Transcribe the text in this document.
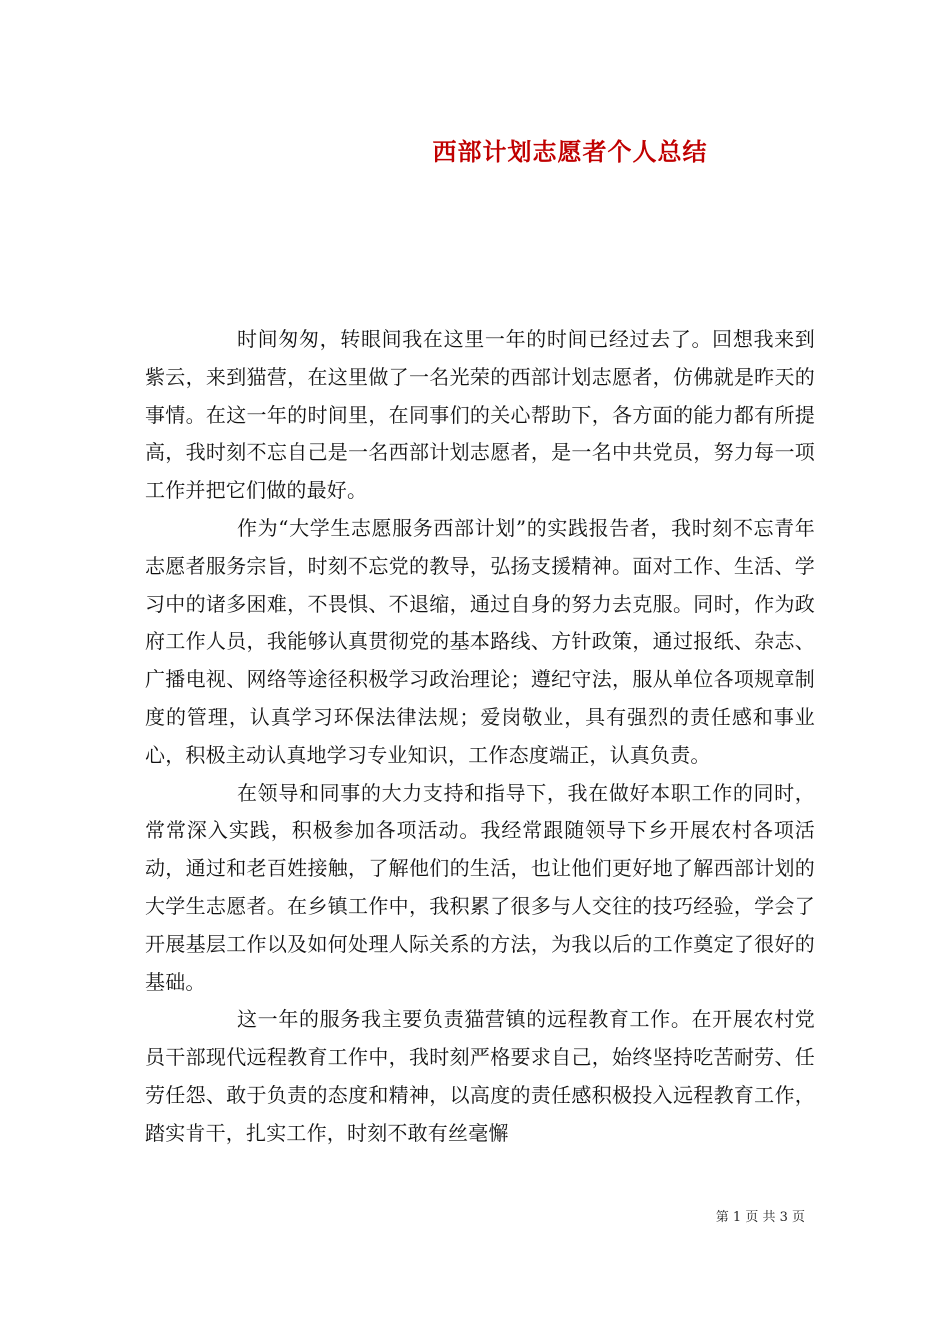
西部计划志愿者个人总结

时间匆匆，转眼间我在这里一年的时间已经过去了。回想我来到紫云，来到猫营，在这里做了一名光荣的西部计划志愿者，仿佛就是昨天的事情。在这一年的时间里，在同事们的关心帮助下，各方面的能力都有所提高，我时刻不忘自己是一名西部计划志愿者，是一名中共党员，努力每一项工作并把它们做的最好。

作为“大学生志愿服务西部计划”的实践报告者，我时刻不忘青年志愿者服务宗旨，时刻不忘党的教导，弘扬支援精神。面对工作、生活、学习中的诸多困难，不畏惧、不退缩，通过自身的努力去克服。同时，作为政府工作人员，我能够认真贯彻党的基本路线、方针政策，通过报纸、杂志、广播电视、网络等途径积极学习政治理论；遵纪守法，服从单位各项规章制度的管理，认真学习环保法律法规；爱岗敬业，具有强烈的责任感和事业心，积极主动认真地学习专业知识，工作态度端正，认真负责。

在领导和同事的大力支持和指导下，我在做好本职工作的同时，常常深入实践，积极参加各项活动。我经常跟随领导下乡开展农村各项活动，通过和老百姓接触，了解他们的生活，也让他们更好地了解西部计划的大学生志愿者。在乡镇工作中，我积累了很多与人交往的技巧经验，学会了开展基层工作以及如何处理人际关系的方法，为我以后的工作奠定了很好的基础。

这一年的服务我主要负责猫营镇的远程教育工作。在开展农村党员干部现代远程教育工作中，我时刻严格要求自己，始终坚持吃苦耐劳、任劳任怨、敢于负责的态度和精神，以高度的责任感积极投入远程教育工作，踏实肯干，扎实工作，时刻不敢有丝毫懈

第 1 页 共 3 页
